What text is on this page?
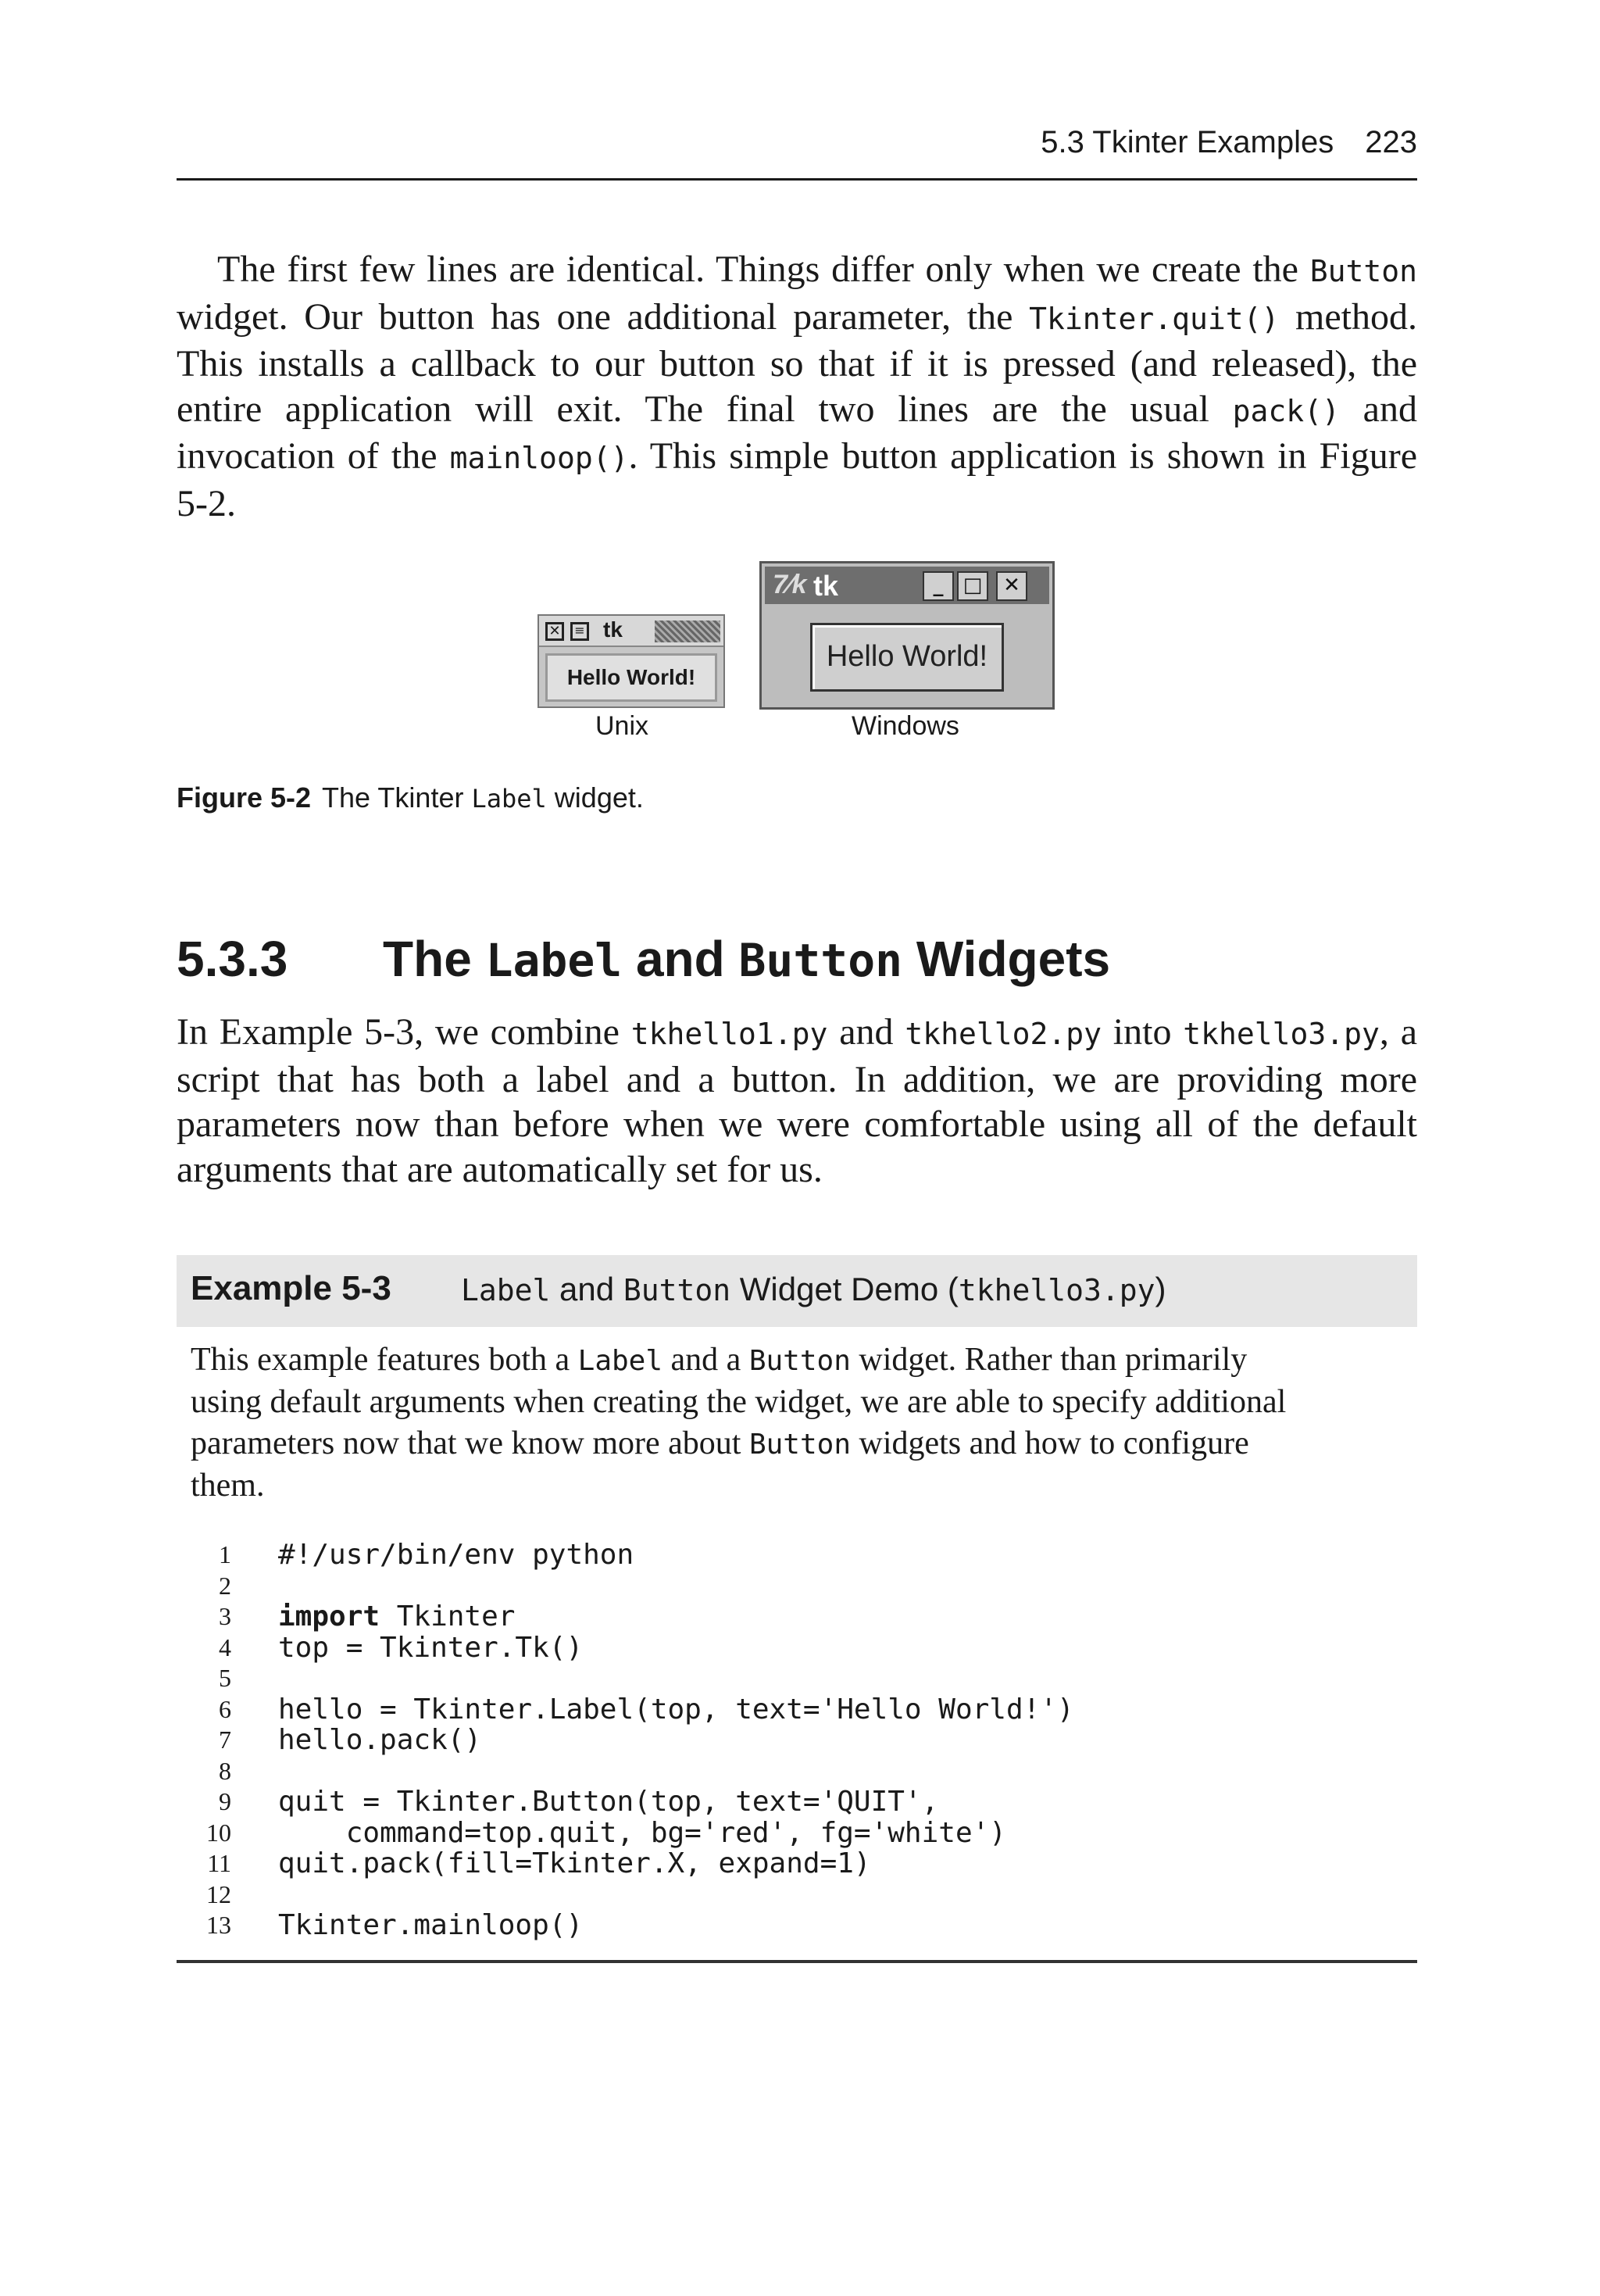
5.3 Tkinter Examples 223

The first few lines are identical. Things differ only when we create the Button widget. Our button has one additional parameter, the Tkinter.quit() method. This installs a callback to our button so that if it is pressed (and released), the entire application will exit. The final two lines are the usual pack() and invocation of the mainloop(). This simple button application is shown in Figure 5-2.

✕	≡ tk
Hello World!
7⁄k tk	_ □	✕
Hello World!
Unix	Windows
Figure 5-2 The Tkinter Label widget.
5.3.3 The Label and Button Widgets

In Example 5-3, we combine tkhello1.py and tkhello2.py into tkhello3.py, a script that has both a label and a button. In addition, we are providing more parameters now than before when we were comfortable using all of the default arguments that are automatically set for us.

Example 5-3 Label and Button Widget Demo (tkhello3.py)

This example features both a Label and a Button widget. Rather than primarily using default arguments when creating the widget, we are able to specify additional parameters now that we know more about Button widgets and how to configure them.

1 #!/usr/bin/env python
2
3 import Tkinter
4 top = Tkinter.Tk()
5
6 hello = Tkinter.Label(top, text='Hello World!')
7 hello.pack()
8
9 quit = Tkinter.Button(top, text='QUIT',
10 command=top.quit, bg='red', fg='white')
11 quit.pack(fill=Tkinter.X, expand=1)
12
13 Tkinter.mainloop()
